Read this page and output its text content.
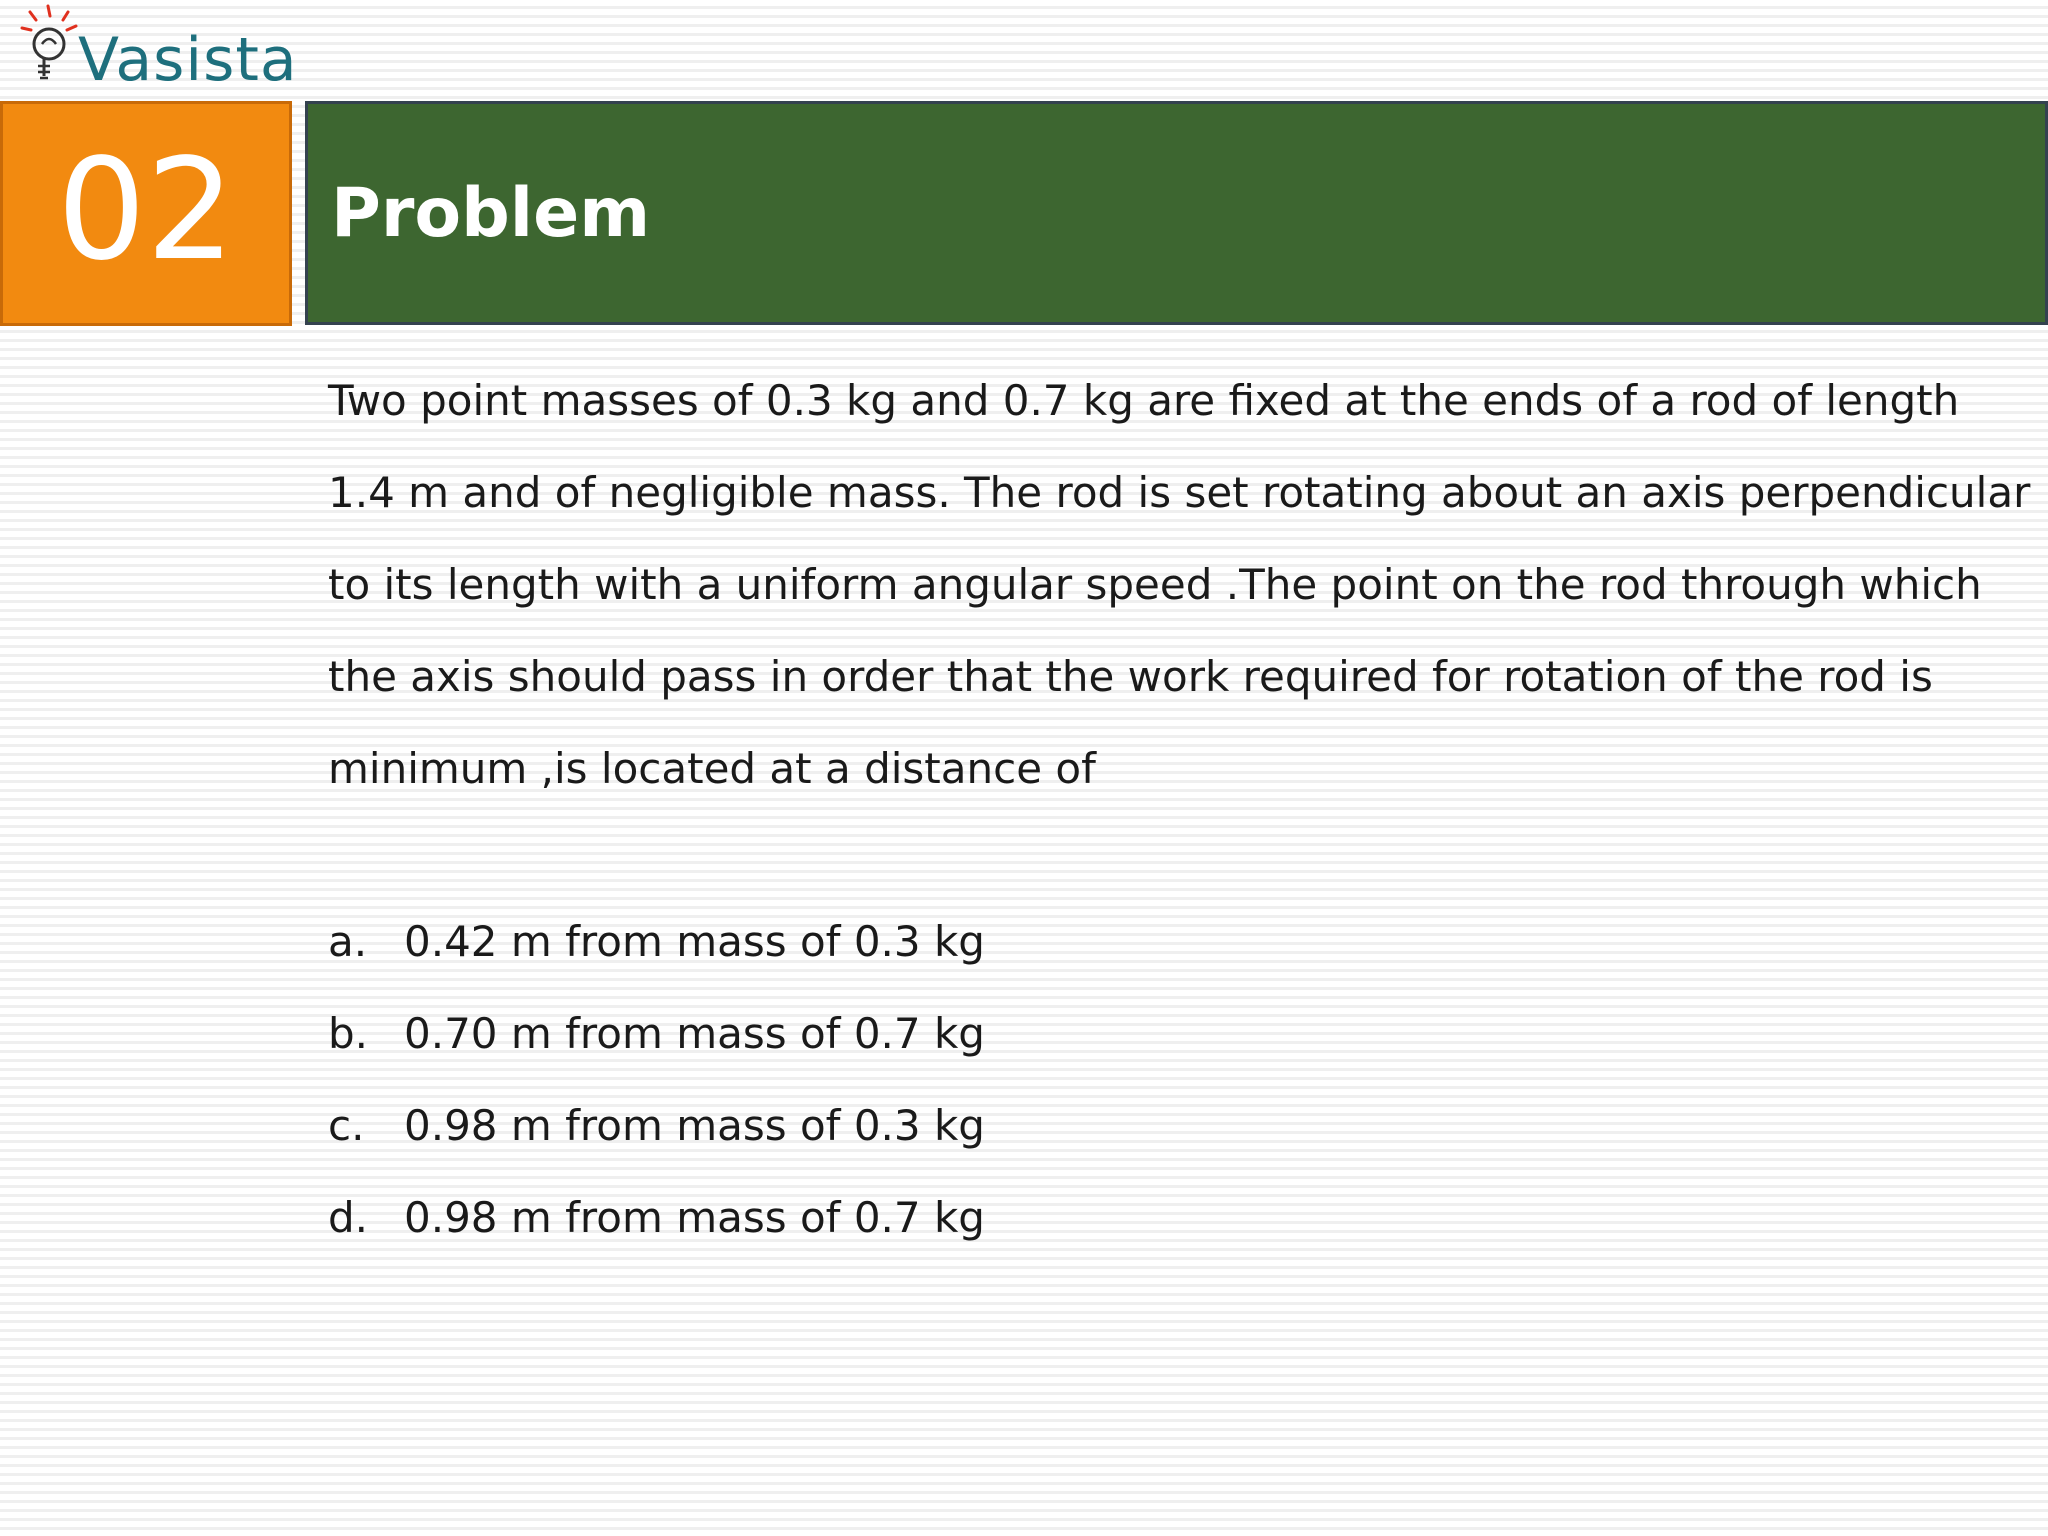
Vasista
02 Problem

Two point masses of 0.3 kg and 0.7 kg are fixed at the ends of a rod of length 1.4 m and of negligible mass. The rod is set rotating about an axis perpendicular to its length with a uniform angular speed .The point on the rod through which the axis should pass in order that the work required for rotation of the rod is minimum ,is located at a distance of

a. 0.42 m from mass of 0.3 kg
b. 0.70 m from mass of 0.7 kg
c. 0.98 m from mass of 0.3 kg
d. 0.98 m from mass of 0.7 kg
